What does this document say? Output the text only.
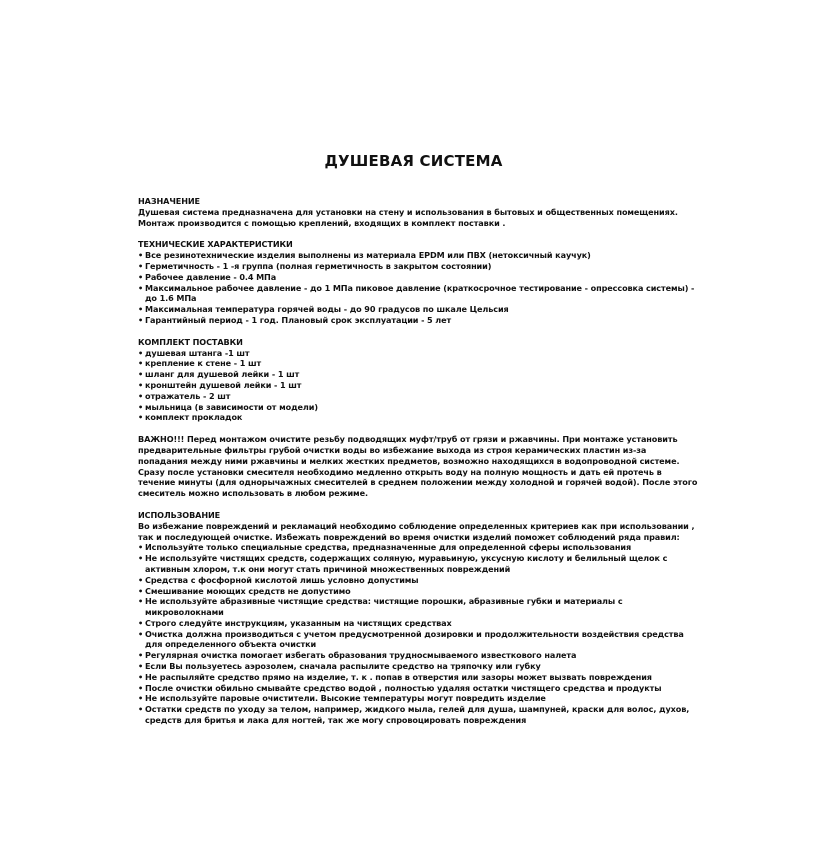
ДУШЕВАЯ СИСТЕМА

НАЗНАЧЕНИЕ

Душевая система предназначена для установки на стену и использования в бытовых и общественных помещениях. Монтаж производится с помощью креплений, входящих в комплект поставки .

ТЕХНИЧЕСКИЕ ХАРАКТЕРИСТИКИ

• Все резинотехнические изделия выполнены из материала EPDM или ПВХ (нетоксичный каучук)
• Герметичность - 1 -я группа (полная герметичность в закрытом состоянии)
• Рабочее давление - 0.4 МПа
• Максимальное рабочее давление - до 1 МПа пиковое давление (краткосрочное тестирование - опрессовка системы) - до 1.6 МПа
• Максимальная температура горячей воды - до 90 градусов по шкале Цельсия
• Гарантийный период - 1 год. Плановый срок эксплуатации - 5 лет

КОМПЛЕКТ ПОСТАВКИ

• душевая штанга -1 шт
• крепление к стене - 1 шт
• шланг для душевой лейки - 1 шт
• кронштейн душевой лейки - 1 шт
• отражатель - 2 шт
• мыльница (в зависимости от модели)
• комплект прокладок

ВАЖНО!!! Перед монтажом очистите резьбу подводящих муфт/труб от грязи и ржавчины. При монтаже установить предварительные фильтры грубой очистки воды во избежание выхода из строя керамических пластин из-за попадания между ними ржавчины и мелких жестких предметов, возможно находящихся в водопроводной системе. Сразу после установки смесителя необходимо медленно открыть воду на полную мощность и дать ей протечь в течение минуты (для однорычажных смесителей в среднем положении между холодной и горячей водой). После этого смеситель можно использовать в любом режиме.

ИСПОЛЬЗОВАНИЕ

Во избежание повреждений и рекламаций необходимо соблюдение определенных критериев как при использовании , так и последующей очистке. Избежать повреждений во время очистки изделий поможет соблюдений ряда правил:

• Используйте только специальные средства, предназначенные для определенной сферы использования
• Не используйте чистящих средств, содержащих соляную, муравьиную, уксусную кислоту и белильный щелок с активным хлором, т.к они могут стать причиной множественных повреждений
• Средства с фосфорной кислотой лишь условно допустимы
• Смешивание моющих средств не допустимо
• Не используйте абразивные чистящие средства: чистящие порошки, абразивные губки и материалы с микроволокнами
• Строго следуйте инструкциям, указанным на чистящих средствах
• Очистка должна производиться с учетом предусмотренной дозировки и продолжительности воздействия средства для определенного объекта очистки
• Регулярная очистка помогает избегать образования трудносмываемого известкового налета
• Если Вы пользуетесь аэрозолем, сначала распылите средство на тряпочку или губку
• Не распыляйте средство прямо на изделие, т. к . попав в отверстия или зазоры может вызвать повреждения
• После очистки обильно смывайте средство водой , полностью удаляя остатки чистящего средства и продукты
• Не используйте паровые очистители. Высокие температуры могут повредить изделие
• Остатки средств по уходу за телом, например, жидкого мыла, гелей для душа, шампуней, краски для волос, духов, средств для бритья и лака для ногтей, так же могу спровоцировать повреждения
